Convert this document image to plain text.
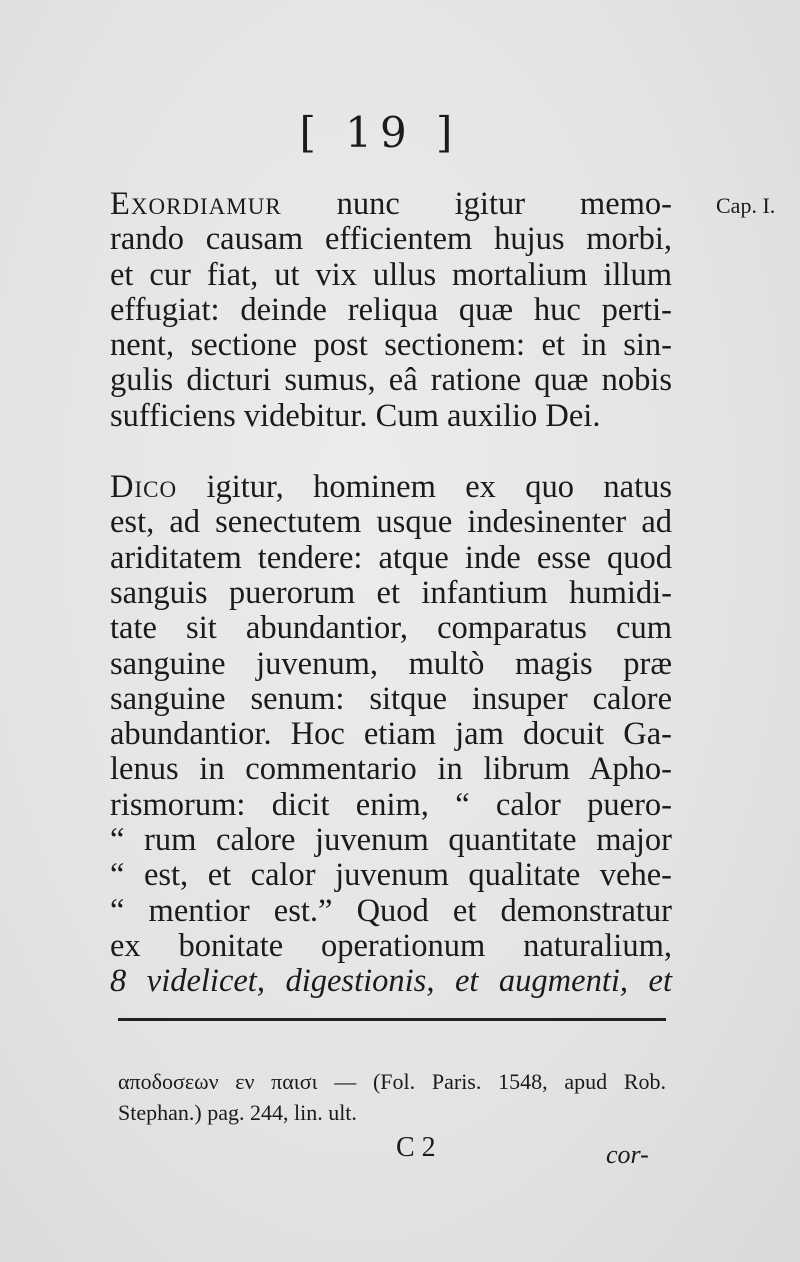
[ 19 ]
Cap. I.
Exordiamur nunc igitur memo-
rando causam efficientem hujus morbi,
et cur fiat, ut vix ullus mortalium illum
effugiat: deinde reliqua quæ huc perti-
nent, sectione post sectionem: et in sin-
gulis dicturi sumus, eâ ratione quæ nobis
sufficiens videbitur. Cum auxilio Dei.
Dico igitur, hominem ex quo natus
est, ad senectutem usque indesinenter ad
ariditatem tendere: atque inde esse quod
sanguis puerorum et infantium humidi-
tate sit abundantior, comparatus cum
sanguine juvenum, multò magis præ
sanguine senum: sitque insuper calore
abundantior. Hoc etiam jam docuit Ga-
lenus in commentario in librum Apho-
rismorum: dicit enim, “ calor puero-
“ rum calore juvenum quantitate major
“ est, et calor juvenum qualitate vehe-
“ mentior est.” Quod et demonstratur
ex bonitate operationum naturalium,
8 videlicet, digestionis, et augmenti, et
αποδοσεων εν παισι — (Fol. Paris. 1548, apud Rob.
Stephan.) pag. 244, lin. ult.
C 2	cor-
